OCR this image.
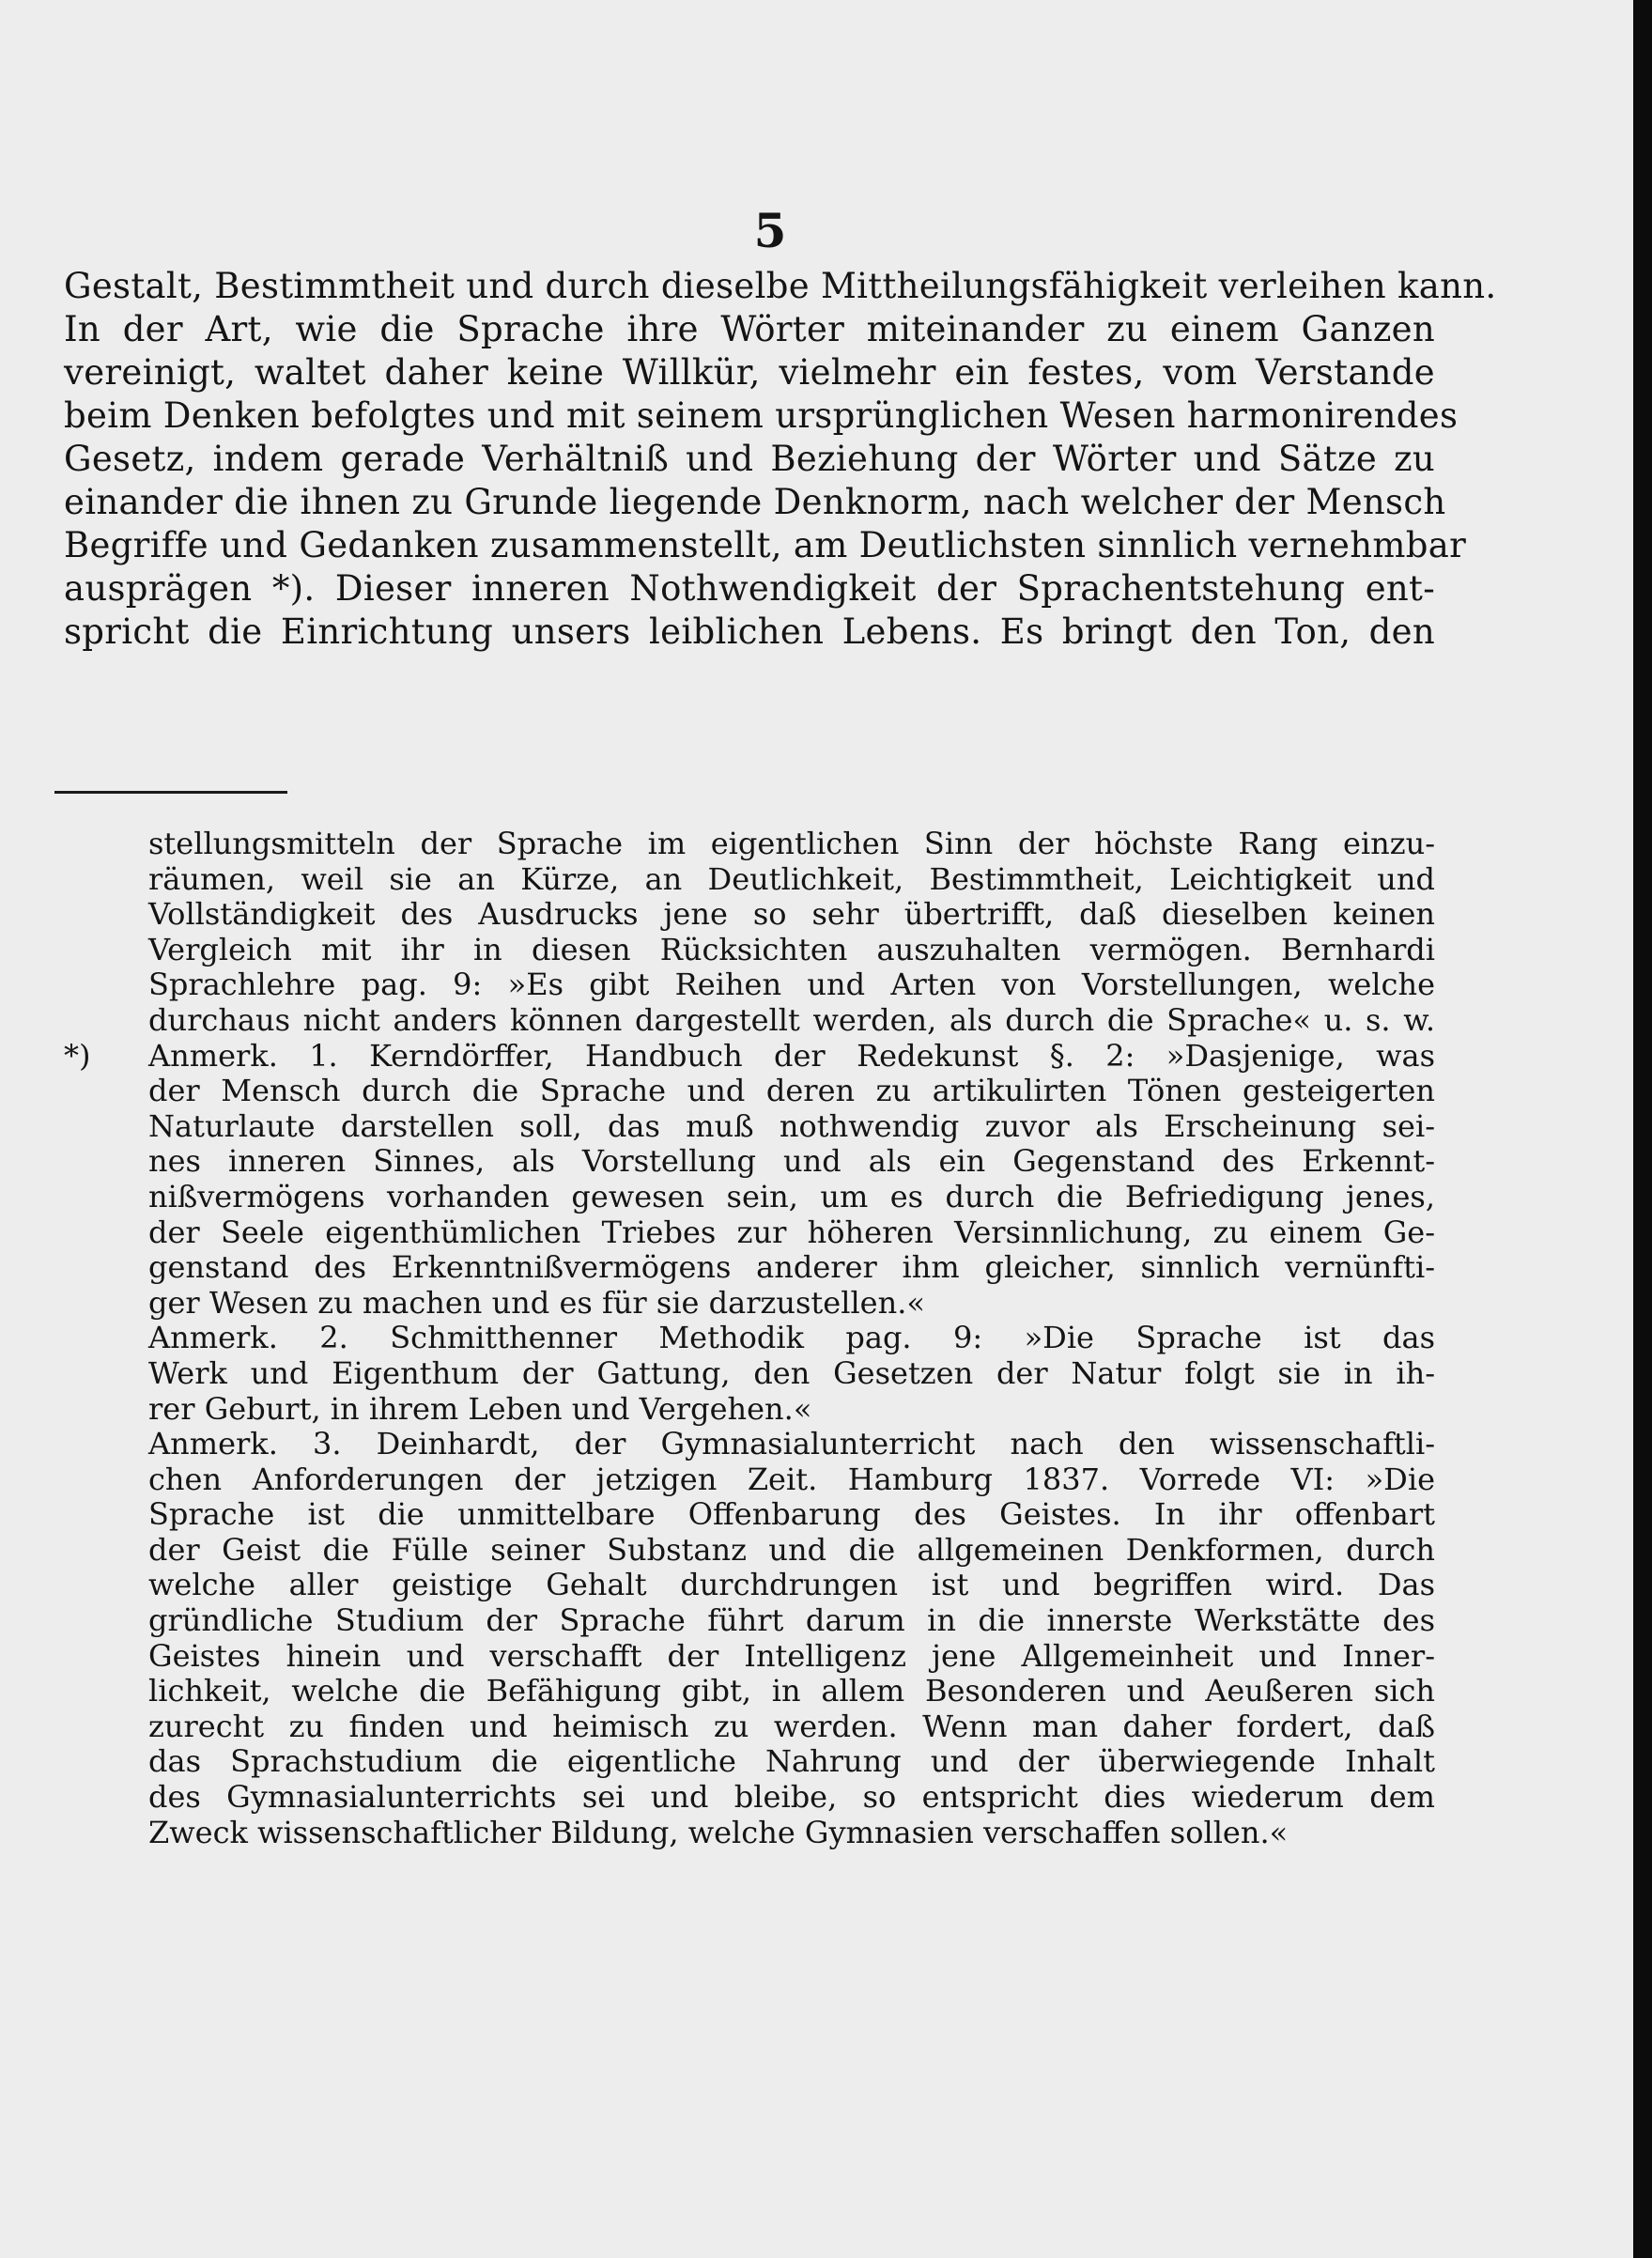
5
Gestalt, Bestimmtheit und durch dieselbe Mittheilungsfähigkeit verleihen kann.
In der Art, wie die Sprache ihre Wörter miteinander zu einem Ganzen
vereinigt, waltet daher keine Willkür, vielmehr ein festes, vom Verstande
beim Denken befolgtes und mit seinem ursprünglichen Wesen harmonirendes
Gesetz, indem gerade Verhältniß und Beziehung der Wörter und Sätze zu
einander die ihnen zu Grunde liegende Denknorm, nach welcher der Mensch
Begriffe und Gedanken zusammenstellt, am Deutlichsten sinnlich vernehmbar
ausprägen *). Dieser inneren Nothwendigkeit der Sprachentstehung ent-
spricht die Einrichtung unsers leiblichen Lebens. Es bringt den Ton, den
stellungsmitteln der Sprache im eigentlichen Sinn der höchste Rang einzu-
räumen, weil sie an Kürze, an Deutlichkeit, Bestimmtheit, Leichtigkeit und
Vollständigkeit des Ausdrucks jene so sehr übertrifft, daß dieselben keinen
Vergleich mit ihr in diesen Rücksichten auszuhalten vermögen. Bernhardi
Sprachlehre pag. 9: »Es gibt Reihen und Arten von Vorstellungen, welche
durchaus nicht anders können dargestellt werden, als durch die Sprache« u. s. w.
*) Anmerk. 1. Kerndörffer, Handbuch der Redekunst §. 2: »Dasjenige, was
der Mensch durch die Sprache und deren zu artikulirten Tönen gesteigerten
Naturlaute darstellen soll, das muß nothwendig zuvor als Erscheinung sei-
nes inneren Sinnes, als Vorstellung und als ein Gegenstand des Erkennt-
nißvermögens vorhanden gewesen sein, um es durch die Befriedigung jenes,
der Seele eigenthümlichen Triebes zur höheren Versinnlichung, zu einem Ge-
genstand des Erkenntnißvermögens anderer ihm gleicher, sinnlich vernünfti-
ger Wesen zu machen und es für sie darzustellen.«
Anmerk. 2. Schmitthenner Methodik pag. 9: »Die Sprache ist das
Werk und Eigenthum der Gattung, den Gesetzen der Natur folgt sie in ih-
rer Geburt, in ihrem Leben und Vergehen.«
Anmerk. 3. Deinhardt, der Gymnasialunterricht nach den wissenschaftli-
chen Anforderungen der jetzigen Zeit. Hamburg 1837. Vorrede VI: »Die
Sprache ist die unmittelbare Offenbarung des Geistes. In ihr offenbart
der Geist die Fülle seiner Substanz und die allgemeinen Denkformen, durch
welche aller geistige Gehalt durchdrungen ist und begriffen wird. Das
gründliche Studium der Sprache führt darum in die innerste Werkstätte des
Geistes hinein und verschafft der Intelligenz jene Allgemeinheit und Inner-
lichkeit, welche die Befähigung gibt, in allem Besonderen und Aeußeren sich
zurecht zu finden und heimisch zu werden. Wenn man daher fordert, daß
das Sprachstudium die eigentliche Nahrung und der überwiegende Inhalt
des Gymnasialunterrichts sei und bleibe, so entspricht dies wiederum dem
Zweck wissenschaftlicher Bildung, welche Gymnasien verschaffen sollen.«
